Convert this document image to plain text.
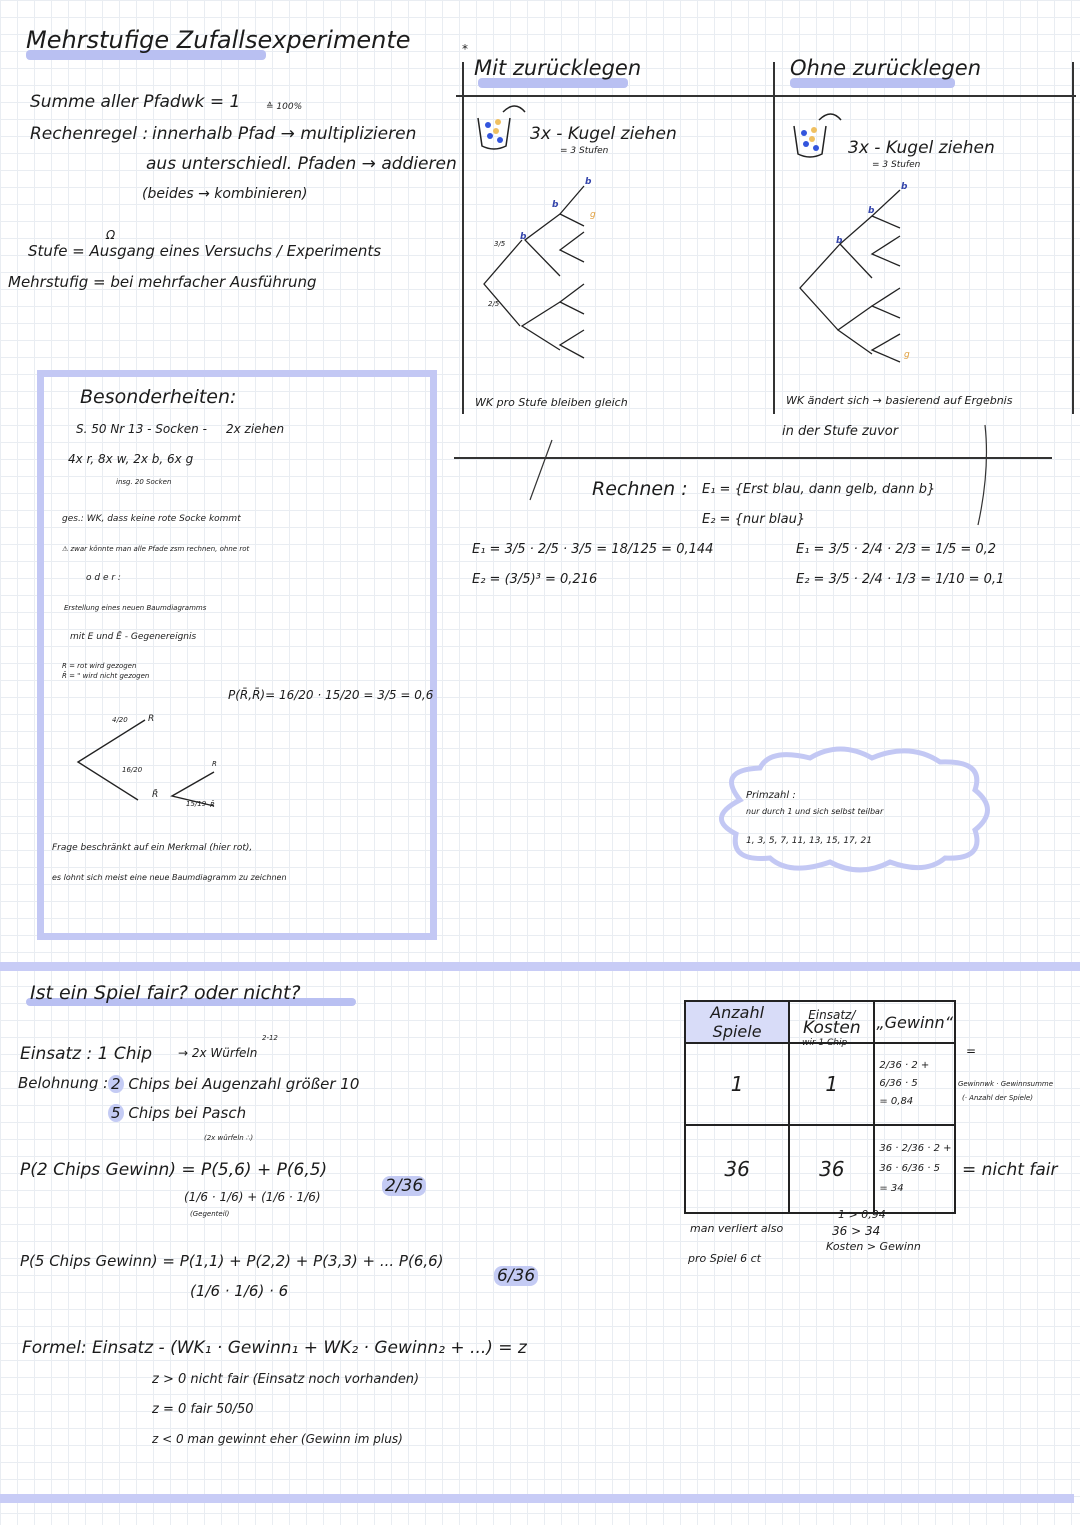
Mehrstufige Zufallsexperimente
Summe aller Pfadwk = 1	≙ 100%
Rechenregel : innerhalb Pfad → multiplizieren
aus unterschiedl. Pfaden → addieren
(beides → kombinieren)
Ω
Stufe = Ausgang eines Versuchs / Experiments
Mehrstufig = bei mehrfacher Ausführung
Besonderheiten:
S. 50 Nr 13 - Socken - 2x ziehen
4x r, 8x w, 2x b, 6x g
insg. 20 Socken
ges.: WK, dass keine rote Socke kommt
⚠ zwar könnte man alle Pfade zsm rechnen, ohne rot
o d e r :
Erstellung eines neuen Baumdiagramms
mit E und Ē - Gegenereignis
R = rot wird gezogen
R̄ = " wird nicht gezogen
P(R̄,R̄)= 16/20 · 15/20 = 3/5 = 0,6
4/20 R
16/20
R̄
R
15/19 R̄
Frage beschränkt auf ein Merkmal (hier rot),
es lohnt sich meist eine neue Baumdiagramm zu zeichnen
*
Mit zurücklegen
3x - Kugel ziehen
= 3 Stufen
3/5
2/5
b
b
b
g
WK pro Stufe bleiben gleich
Ohne zurücklegen
3x - Kugel ziehen
= 3 Stufen
b
b
b
g
WK ändert sich → basierend auf Ergebnis
in der Stufe zuvor
Rechnen : E₁ = {Erst blau, dann gelb, dann b}
E₂ = {nur blau}
E₁ = 3/5 · 2/5 · 3/5 = 18/125 = 0,144
E₂ = (3/5)³ = 0,216
E₁ = 3/5 · 2/4 · 2/3 = 1/5 = 0,2
E₂ = 3/5 · 2/4 · 1/3 = 1/10 = 0,1
Primzahl :
nur durch 1 und sich selbst teilbar
1, 3, 5, 7, 11, 13, 15, 17, 21
Ist ein Spiel fair? oder nicht?
Einsatz : 1 Chip → 2x Würfeln
2-12
Belohnung : 2 Chips bei Augenzahl größer 10
5 Chips bei Pasch
(2x würfeln ∴)
P(2 Chips Gewinn) = P(5,6) + P(6,5)
(1/6 · 1/6) + (1/6 · 1/6)
(Gegenteil)
2/36
P(5 Chips Gewinn) = P(1,1) + P(2,2) + P(3,3) + ... P(6,6)
(1/6 · 1/6) · 6
6/36
Formel: Einsatz - (WK₁ · Gewinn₁ + WK₂ · Gewinn₂ + ...) = z
z > 0 nicht fair (Einsatz noch vorhanden)
z = 0 fair 50/50
z < 0 man gewinnt eher (Gewinn im plus)
Anzahl Spiele	Einsatz/
Kosten	„Gewinn“
1	1	2/36 · 2 +
6/36 · 5
= 0,84

36	36	36 · 2/36 · 2 +
36 · 6/36 · 5
= 34
wir 1 Chip
=
Gewinnwk · Gewinnsumme
(· Anzahl der Spiele)
= nicht fair
man verliert also
pro Spiel 6 ct
1 > 0,94
36 > 34
Kosten > Gewinn
